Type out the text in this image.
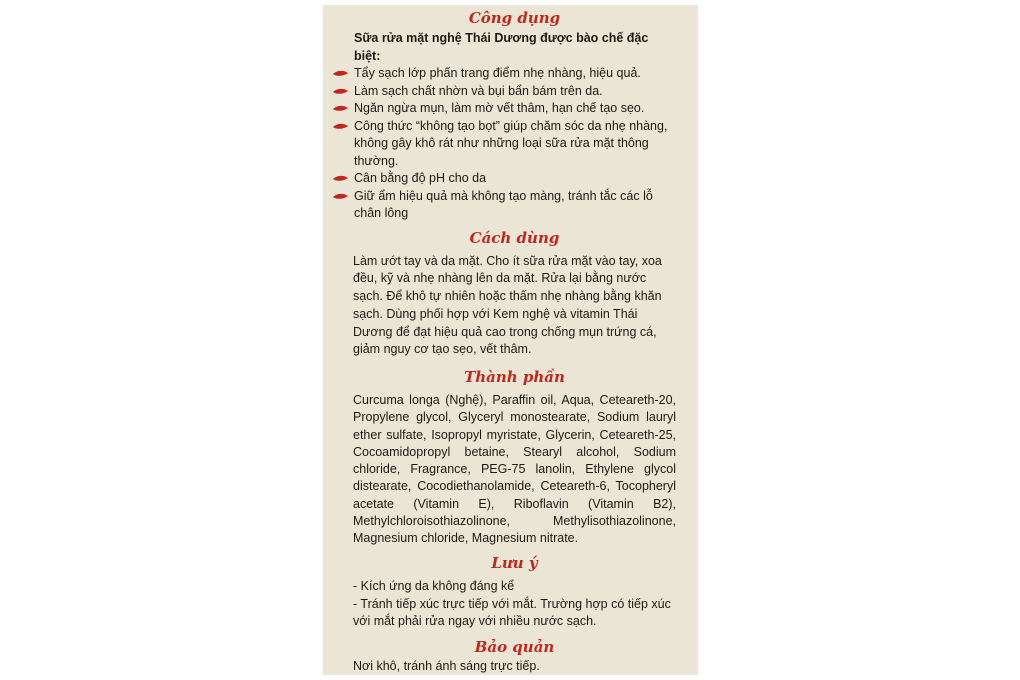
Công dụng

Sữa rửa mặt nghệ Thái Dương được bào chế đặc biệt:

Tẩy sạch lớp phấn trang điểm nhẹ nhàng, hiệu quả.
Làm sạch chất nhờn và bụi bẩn bám trên da.
Ngăn ngừa mụn, làm mờ vết thâm, hạn chế tạo sẹo.
Công thức “không tạo bọt” giúp chăm sóc da nhẹ nhàng, không gây khô rát như những loại sữa rửa mặt thông thường.
Cân bằng độ pH cho da
Giữ ẩm hiệu quả mà không tạo màng, tránh tắc các lỗ chân lông
Cách dùng

Làm ướt tay và da mặt. Cho ít sữa rửa mặt vào tay, xoa đều, kỹ và nhẹ nhàng lên da mặt. Rửa lại bằng nước sạch. Để khô tự nhiên hoặc thấm nhẹ nhàng bằng khăn sạch. Dùng phối hợp với Kem nghệ và vitamin Thái Dương để đạt hiệu quả cao trong chống mụn trứng cá, giảm nguy cơ tạo sẹo, vết thâm.

Thành phần

Curcuma longa (Nghệ), Paraffin oil, Aqua, Ceteareth-20, Propylene glycol, Glyceryl monostearate, Sodium lauryl ether sulfate, Isopropyl myristate, Glycerin, Ceteareth-25, Cocoamidopropyl betaine, Stearyl alcohol, Sodium chloride, Fragrance, PEG-75 lanolin, Ethylene glycol distearate, Cocodiethanolamide, Ceteareth-6, Tocopheryl acetate (Vitamin E), Riboflavin (Vitamin B2), Methylchloroisothiazolinone, Methylisothiazolinone, Magnesium chloride, Magnesium nitrate.

Lưu ý
- Kích ứng da không đáng kể
- Tránh tiếp xúc trực tiếp với mắt. Trường hợp có tiếp xúc với mắt phải rửa ngay với nhiều nước sạch.
Bảo quản

Nơi khô, tránh ánh sáng trực tiếp.
